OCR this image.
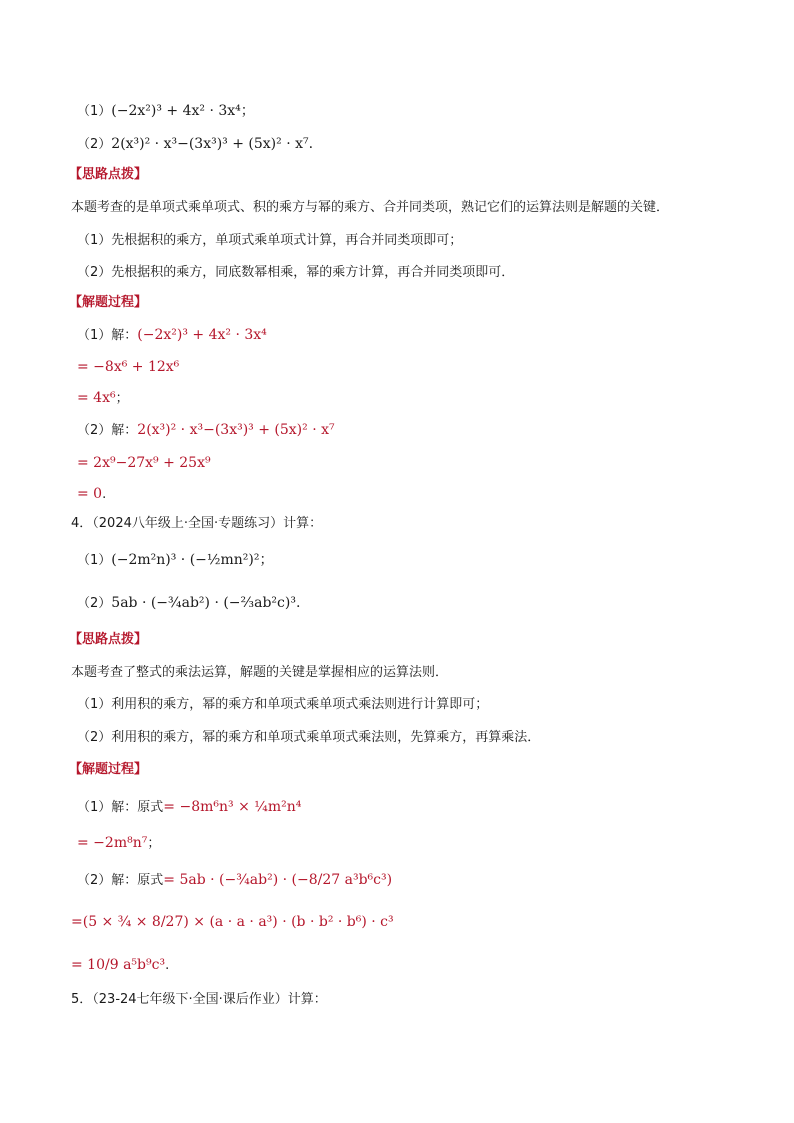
（1）(−2x²)³ + 4x² · 3x⁴；
（2）2(x³)² · x³−(3x³)³ + (5x)² · x⁷.
【思路点拨】
本题考查的是单项式乘单项式、积的乘方与幂的乘方、合并同类项，熟记它们的运算法则是解题的关键．
（1）先根据积的乘方，单项式乘单项式计算，再合并同类项即可；
（2）先根据积的乘方，同底数幂相乘，幂的乘方计算，再合并同类项即可．
【解题过程】
（1）解：(−2x²)³ + 4x² · 3x⁴
= −8x⁶ + 12x⁶
= 4x⁶；
（2）解：2(x³)² · x³−(3x³)³ + (5x)² · x⁷
= 2x⁹−27x⁹ + 25x⁹
= 0.
4．（2024八年级上·全国·专题练习）计算：
（1）(−2m²n)³ · (−½mn²)²；
（2）5ab · (−¾ab²) · (−⅔ab²c)³.
【思路点拨】
本题考查了整式的乘法运算，解题的关键是掌握相应的运算法则．
（1）利用积的乘方，幂的乘方和单项式乘单项式乘法则进行计算即可；
（2）利用积的乘方，幂的乘方和单项式乘单项式乘法则，先算乘方，再算乘法．
【解题过程】
（1）解：原式= −8m⁶n³ × ¼m²n⁴
= −2m⁸n⁷；
（2）解：原式= 5ab · (−¾ab²) · (−8/27 a³b⁶c³)
=(5 × ¾ × 8/27) × (a · a · a³) · (b · b² · b⁶) · c³
= 10/9 a⁵b⁹c³.
5．（23-24七年级下·全国·课后作业）计算：
